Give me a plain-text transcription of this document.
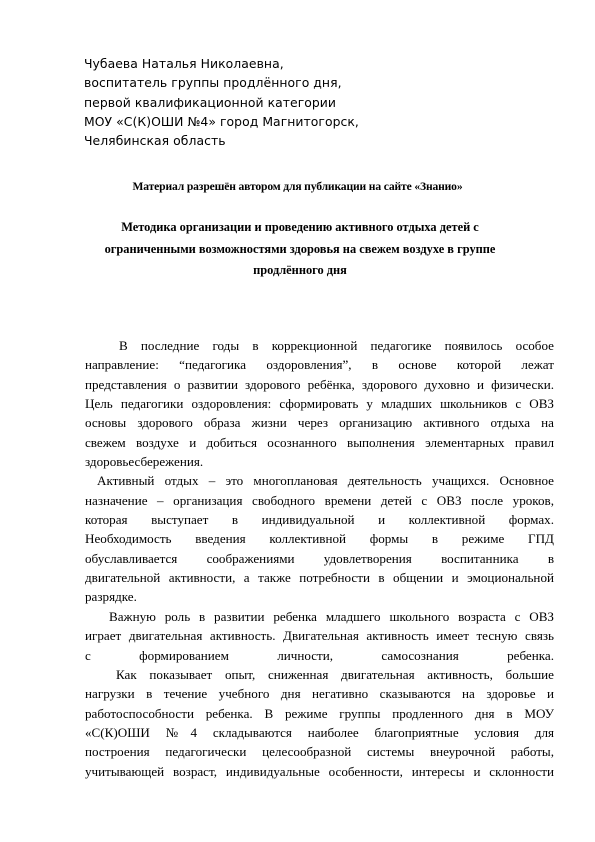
Чубаева Наталья Николаевна,
воспитатель группы продлённого дня,
первой квалификационной категории
МОУ «С(К)ОШИ №4» город Магнитогорск,
Челябинская область
Материал разрешён автором для публикации на сайте «Знанио»
Методика организации и проведению активного отдыха детей с
ограниченными возможностями здоровья на свежем воздухе в группе
продлённого дня
В последние годы в коррекционной педагогике появилось особое
направление: “педагогика оздоровления”, в основе которой лежат
представления о развитии здорового ребёнка, здорового духовно и физически.
Цель педагогики оздоровления: сформировать у младших школьников с ОВЗ
основы здорового образа жизни через организацию активного отдыха на
свежем воздухе и добиться осознанного выполнения элементарных правил
здоровьесбережения.
Активный отдых – это многоплановая деятельность учащихся. Основное
назначение – организация свободного времени детей с ОВЗ после уроков,
которая выступает в индивидуальной и коллективной формах.
Необходимость введения коллективной формы в режиме ГПД
обуславливается соображениями удовлетворения воспитанника в
двигательной активности, а также потребности в общении и эмоциональной
разрядке.
Важную роль в развитии ребенка младшего школьного возраста с ОВЗ
играет двигательная активность. Двигательная активность имеет тесную связь
с формированием личности, самосознания ребенка.
Как показывает опыт, сниженная двигательная активность, большие
нагрузки в течение учебного дня негативно сказываются на здоровье и
работоспособности ребенка. В режиме группы продленного дня в МОУ
«С(К)ОШИ №4 складываются наиболее благоприятные условия для
построения педагогически целесообразной системы внеурочной работы,
учитывающей возраст, индивидуальные особенности, интересы и склонности
